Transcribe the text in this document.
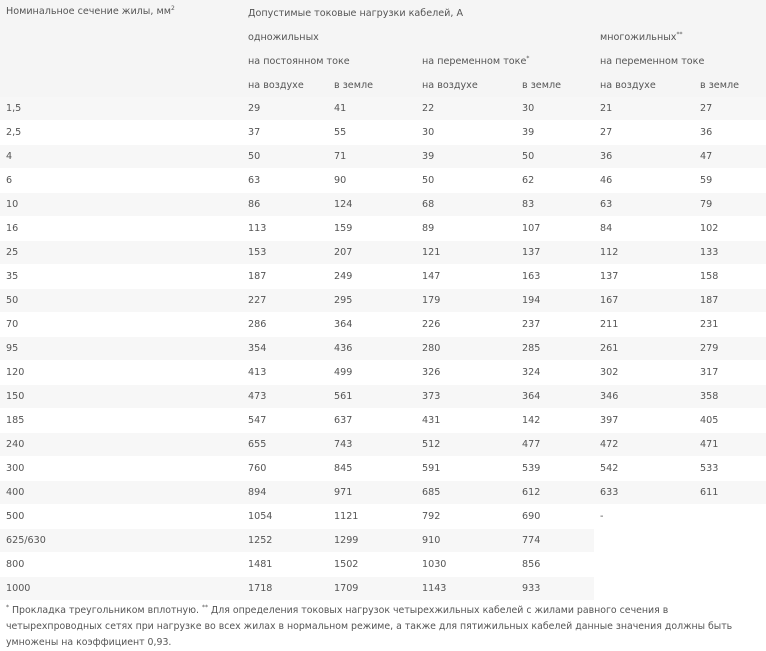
Номинальное сечение жилы, $мм^2$	Допустимые токовые нагрузки кабелей, А					
	одножильных				многожильных**
	на постоянном токе		на переменном токе*		на переменном токе	
	на воздухе	в земле	на воздухе	в земле	на воздухе	в земле
1,5	29	41	22	30	21	27
2,5	37	55	30	39	27	36
4	50	71	39	50	36	47
6	63	90	50	62	46	59
10	86	124	68	83	63	79
16	113	159	89	107	84	102
25	153	207	121	137	112	133
35	187	249	147	163	137	158
50	227	295	179	194	167	187
70	286	364	226	237	211	231
95	354	436	280	285	261	279
120	413	499	326	324	302	317
150	473	561	373	364	346	358
185	547	637	431	142	397	405
240	655	743	512	477	472	471
300	760	845	591	539	542	533
400	894	971	685	612	633	611
500	1054	1121	792	690	-	
625/630	1252	1299	910	774		
800	1481	1502	1030	856		
1000	1718	1709	1143	933		
* Прокладка треугольником вплотную. ** Для определения токовых нагрузок четырехжильных кабелей с жилами равного сечения в четырехпроводных сетях при нагрузке во всех жилах в нормальном режиме, а также для пятижильных кабелей данные значения должны быть умножены на коэффициент 0,93.
